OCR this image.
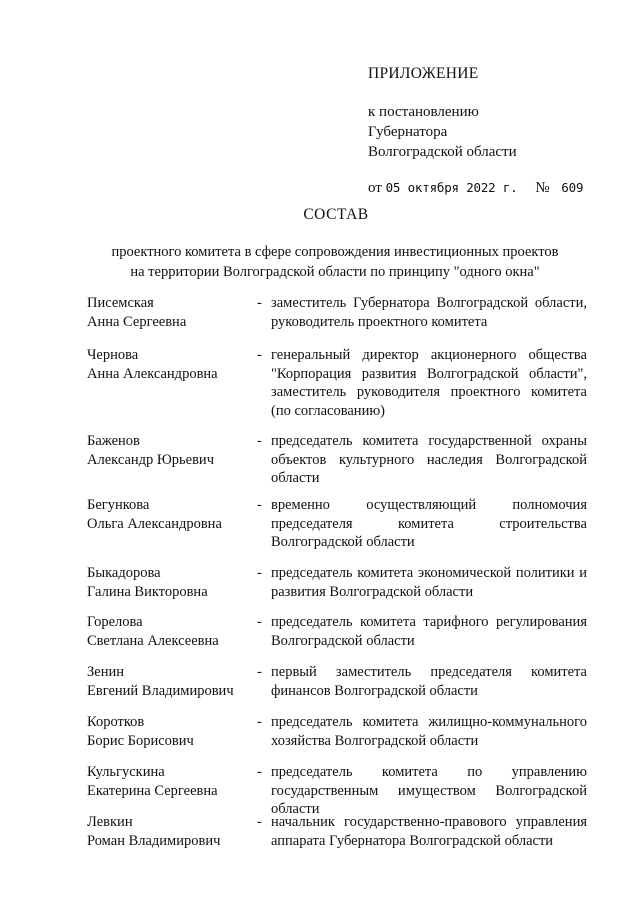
ПРИЛОЖЕНИЕ
к постановлению
Губернатора
Волгоградской области
от 05 октября 2022 г. № 609
СОСТАВ
проектного комитета в сфере сопровождения инвестиционных проектов
на территории Волгоградской области по принципу "одного окна"
Писемская
Анна Сергеевна
- заместитель Губернатора Волгоградской области, руководитель проектного комитета
Чернова
Анна Александровна
- генеральный директор акционерного общества "Корпорация развития Волгоградской области", заместитель руководителя проектного комитета (по согласованию)
Баженов
Александр Юрьевич
- председатель комитета государственной охраны объектов культурного наследия Волгоградской области
Бегункова
Ольга Александровна
- временно осуществляющий полномочия председателя комитета строительства Волгоградской области
Быкадорова
Галина Викторовна
- председатель комитета экономической политики и развития Волгоградской области
Горелова
Светлана Алексеевна
- председатель комитета тарифного регулирования Волгоградской области
Зенин
Евгений Владимирович
- первый заместитель председателя комитета финансов Волгоградской области
Коротков
Борис Борисович
- председатель комитета жилищно-коммунального хозяйства Волгоградской области
Кульгускина
Екатерина Сергеевна
- председатель комитета по управлению государственным имуществом Волгоградской области
Левкин
Роман Владимирович
- начальник государственно-правового управления аппарата Губернатора Волгоградской области
